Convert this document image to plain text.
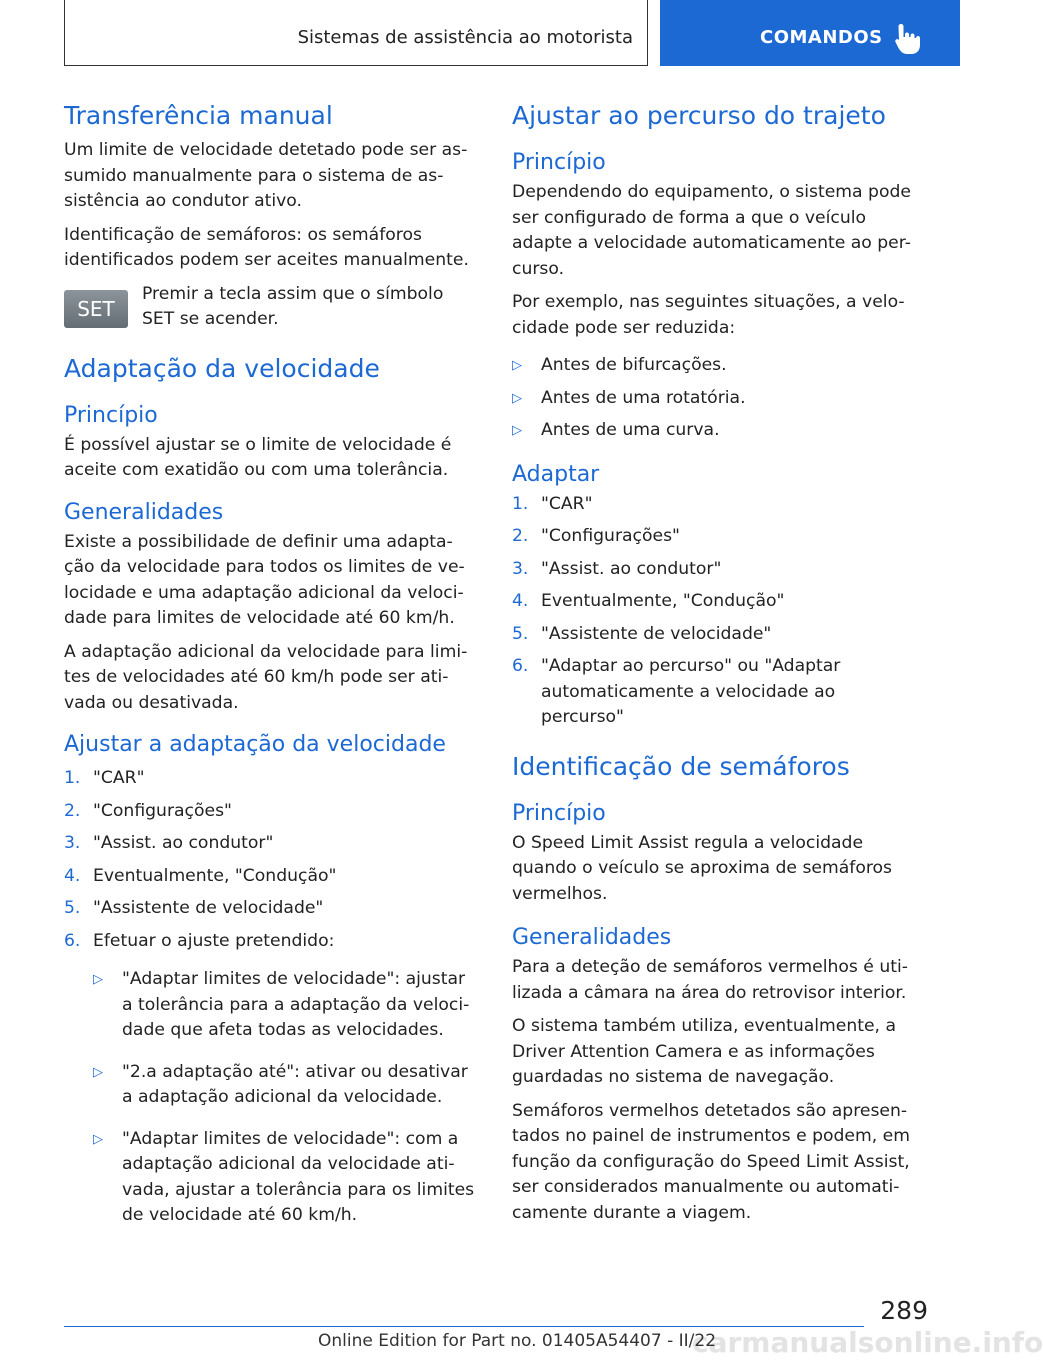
Sistemas de assistência ao motorista	COMANDOS
Transferência manual
Um limite de velocidade detetado pode ser as-
sumido manualmente para o sistema de as-
sistência ao condutor ativo.
Identificação de semáforos: os semáforos
identificados podem ser aceites manualmente.
SET
Premir a tecla assim que o símbolo
SET se acender.
Adaptação da velocidade
Princípio
É possível ajustar se o limite de velocidade é
aceite com exatidão ou com uma tolerância.
Generalidades
Existe a possibilidade de definir uma adapta-
ção da velocidade para todos os limites de ve-
locidade e uma adaptação adicional da veloci-
dade para limites de velocidade até 60 km/h.
A adaptação adicional da velocidade para limi-
tes de velocidades até 60 km/h pode ser ati-
vada ou desativada.
Ajustar a adaptação da velocidade
1. "CAR"
2. "Configurações"
3. "Assist. ao condutor"
4. Eventualmente, "Condução"
5. "Assistente de velocidade"
6. Efetuar o ajuste pretendido:
▷ "Adaptar limites de velocidade": ajustar
a tolerância para a adaptação da veloci-
dade que afeta todas as velocidades.
▷ "2.a adaptação até": ativar ou desativar
a adaptação adicional da velocidade.
▷ "Adaptar limites de velocidade": com a
adaptação adicional da velocidade ati-
vada, ajustar a tolerância para os limites
de velocidade até 60 km/h.
Ajustar ao percurso do trajeto
Princípio
Dependendo do equipamento, o sistema pode
ser configurado de forma a que o veículo
adapte a velocidade automaticamente ao per-
curso.
Por exemplo, nas seguintes situações, a velo-
cidade pode ser reduzida:
▷ Antes de bifurcações.
▷ Antes de uma rotatória.
▷ Antes de uma curva.
Adaptar
1. "CAR"
2. "Configurações"
3. "Assist. ao condutor"
4. Eventualmente, "Condução"
5. "Assistente de velocidade"
6. "Adaptar ao percurso" ou "Adaptar
automaticamente a velocidade ao
percurso"
Identificação de semáforos
Princípio
O Speed Limit Assist regula a velocidade
quando o veículo se aproxima de semáforos
vermelhos.
Generalidades
Para a deteção de semáforos vermelhos é uti-
lizada a câmara na área do retrovisor interior.
O sistema também utiliza, eventualmente, a
Driver Attention Camera e as informações
guardadas no sistema de navegação.
Semáforos vermelhos detetados são apresen-
tados no painel de instrumentos e podem, em
função da configuração do Speed Limit Assist,
ser considerados manualmente ou automati-
camente durante a viagem.
289
carmanualsonline.info
Online Edition for Part no. 01405A54407 - II/22
